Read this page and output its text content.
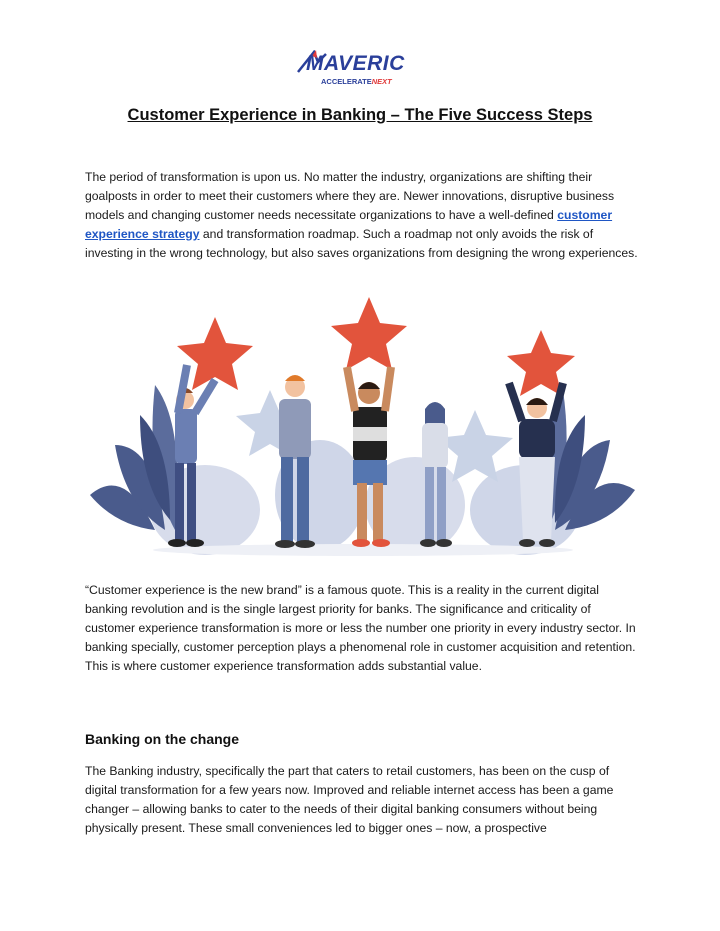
MAVERIC
ACCELERATENEXT
Customer Experience in Banking – The Five Success Steps

The period of transformation is upon us. No matter the industry, organizations are shifting their goalposts in order to meet their customers where they are. Newer innovations, disruptive business models and changing customer needs necessitate organizations to have a well-defined customer experience strategy and transformation roadmap. Such a roadmap not only avoids the risk of investing in the wrong technology, but also saves organizations from designing the wrong experiences.

“Customer experience is the new brand” is a famous quote. This is a reality in the current digital banking revolution and is the single largest priority for banks. The significance and criticality of customer experience transformation is more or less the number one priority in every industry sector. In banking specially, customer perception plays a phenomenal role in customer acquisition and retention. This is where customer experience transformation adds substantial value.

Banking on the change

The Banking industry, specifically the part that caters to retail customers, has been on the cusp of digital transformation for a few years now. Improved and reliable internet access has been a game changer – allowing banks to cater to the needs of their digital banking consumers without being physically present. These small conveniences led to bigger ones – now, a prospective
